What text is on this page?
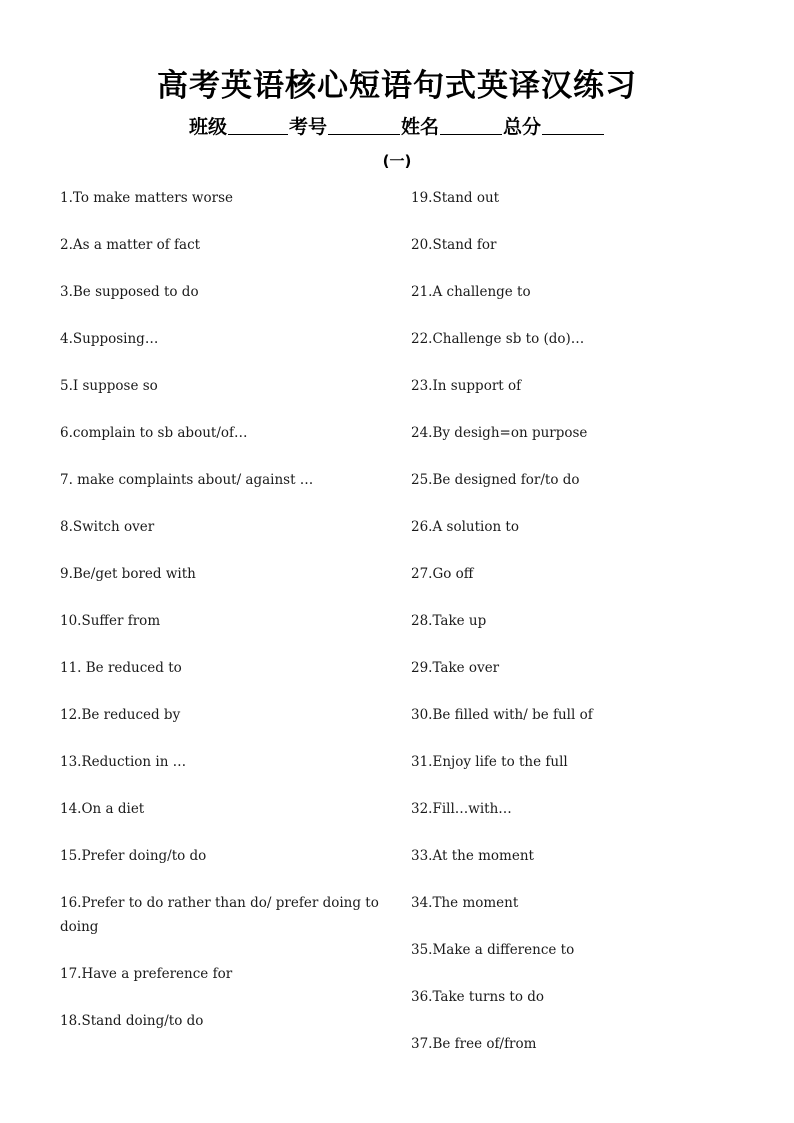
高考英语核心短语句式英译汉练习
班级	考号	姓名	总分
(一)
1.To make matters worse
2.As a matter of fact
3.Be supposed to do
4.Supposing…
5.I suppose so
6.complain to sb about/of…
7. make complaints about/ against …
8.Switch over
9.Be/get bored with
10.Suffer from
11. Be reduced to
12.Be reduced by
13.Reduction in …
14.On a diet
15.Prefer doing/to do
16.Prefer to do rather than do/ prefer doing to doing
17.Have a preference for
18.Stand doing/to do
19.Stand out
20.Stand for
21.A challenge to
22.Challenge sb to (do)…
23.In support of
24.By desigh=on purpose
25.Be designed for/to do
26.A solution to
27.Go off
28.Take up
29.Take over
30.Be filled with/ be full of
31.Enjoy life to the full
32.Fill…with…
33.At the moment
34.The moment
35.Make a difference to
36.Take turns to do
37.Be free of/from
